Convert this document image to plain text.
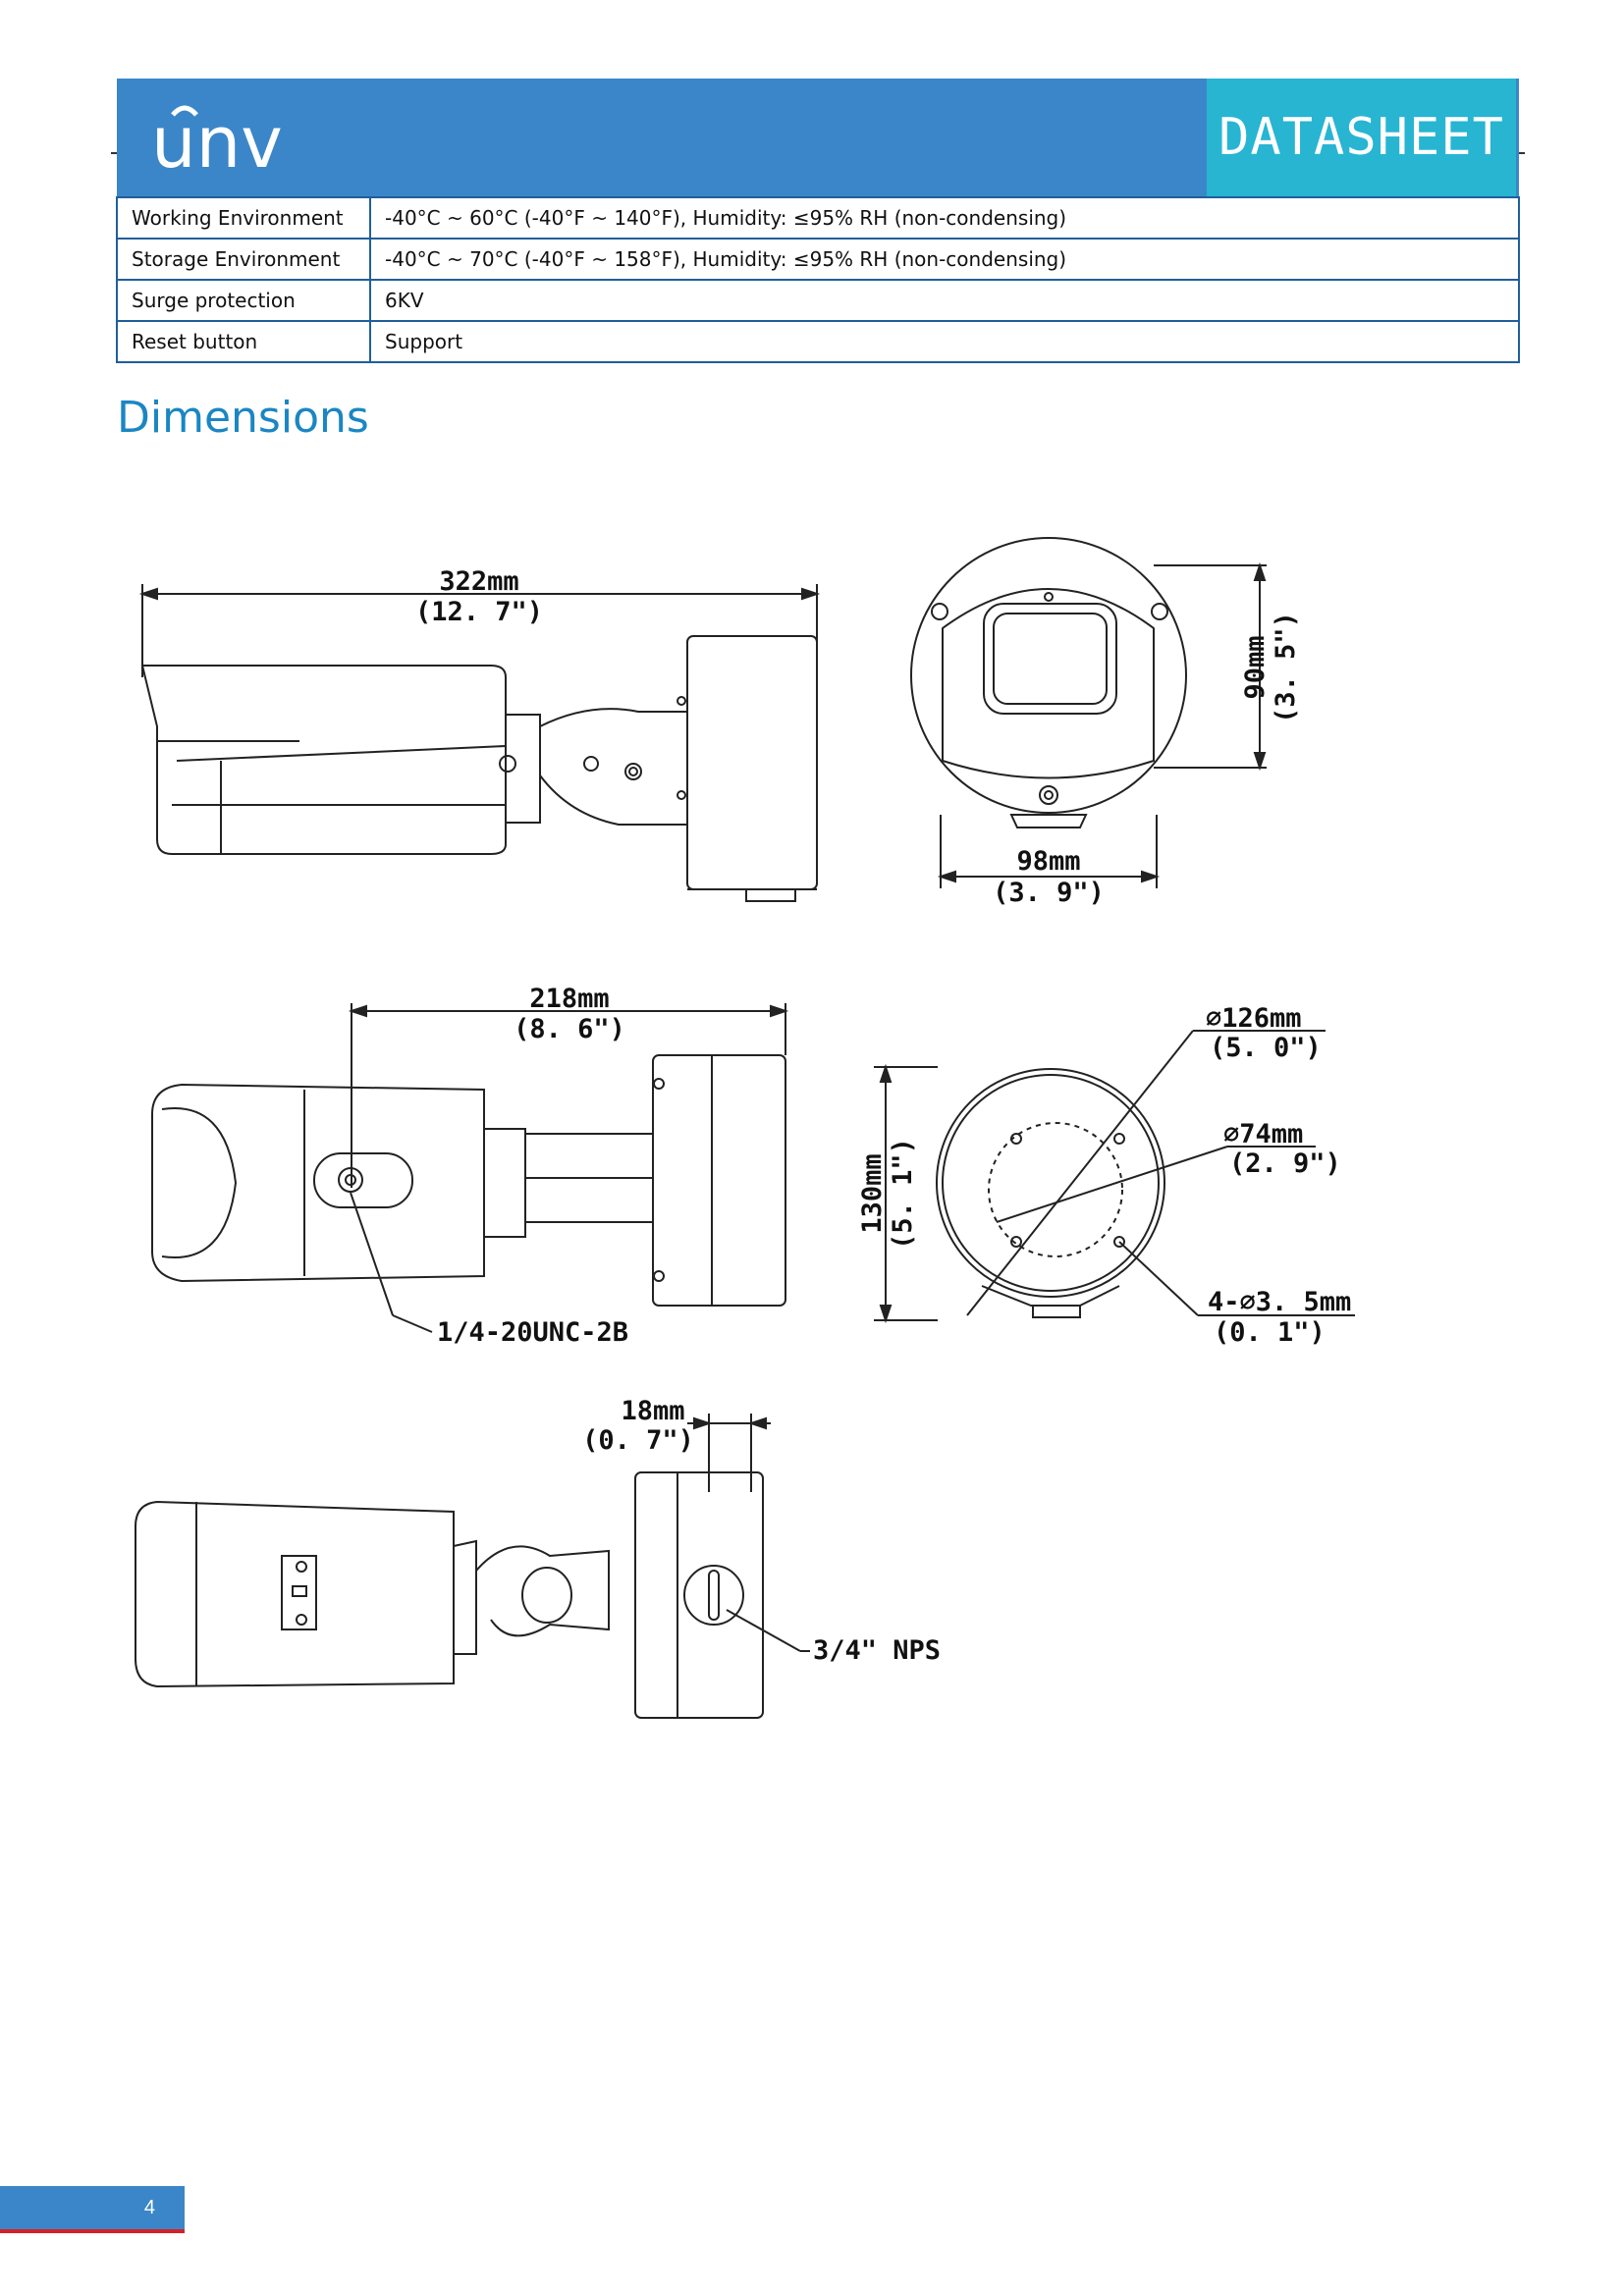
unv	DATASHEET
Working Environment	-40°C ~ 60°C (-40°F ~ 140°F), Humidity: ≤95% RH (non-condensing)
Storage Environment	-40°C ~ 70°C (-40°F ~ 158°F), Humidity: ≤95% RH (non-condensing)
Surge protection	6KV
Reset button	Support
Dimensions
322mm
(12. 7")
90mm (3. 5")
98mm
(3. 9")
218mm
(8. 6")
1/4-20UNC-2B
130mm (5. 1")
∅126mm
(5. 0")
∅74mm
(2. 9")
4-∅3. 5mm
(0. 1")
18mm
(0. 7")
3/4" NPS
4
